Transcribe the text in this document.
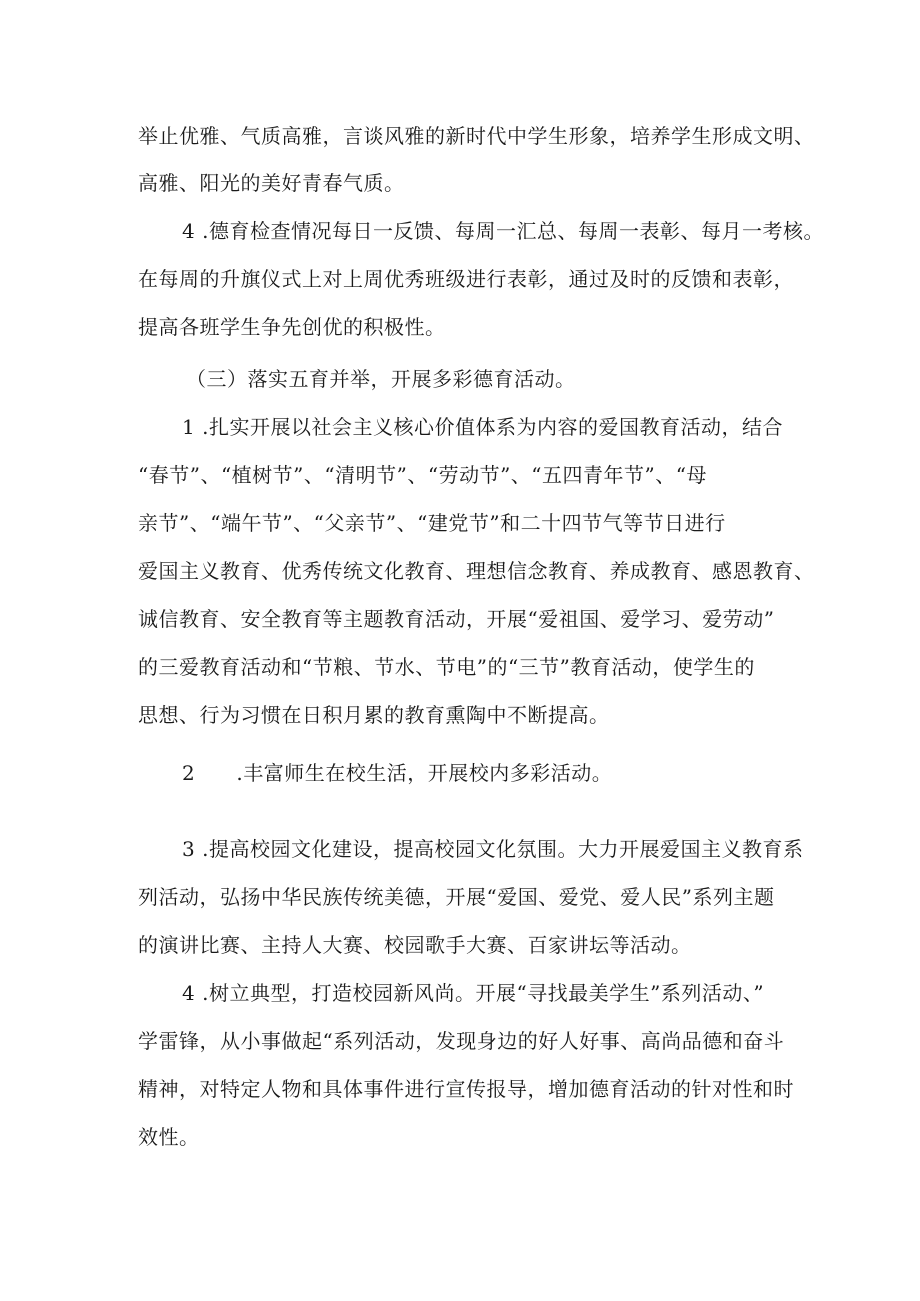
举止优雅、气质高雅，言谈风雅的新时代中学生形象，培养学生形成文明、
高雅、阳光的美好青春气质。
4 .德育检查情况每日一反馈、每周一汇总、每周一表彰、每月一考核。
在每周的升旗仪式上对上周优秀班级进行表彰，通过及时的反馈和表彰，
提高各班学生争先创优的积极性。
（三）落实五育并举，开展多彩德育活动。
1 .扎实开展以社会主义核心价值体系为内容的爱国教育活动，结合
“春节”、“植树节”、“清明节”、“劳动节”、“五四青年节”、“母
亲节”、“端午节”、“父亲节”、“建党节”和二十四节气等节日进行
爱国主义教育、优秀传统文化教育、理想信念教育、养成教育、感恩教育、
诚信教育、安全教育等主题教育活动，开展“爱祖国、爱学习、爱劳动”
的三爱教育活动和“节粮、节水、节电”的“三节”教育活动，使学生的
思想、行为习惯在日积月累的教育熏陶中不断提高。
2      .丰富师生在校生活，开展校内多彩活动。
3 .提高校园文化建设，提高校园文化氛围。大力开展爱国主义教育系
列活动，弘扬中华民族传统美德，开展“爱国、爱党、爱人民”系列主题
的演讲比赛、主持人大赛、校园歌手大赛、百家讲坛等活动。
4 .树立典型，打造校园新风尚。开展“寻找最美学生”系列活动、”
学雷锋，从小事做起“系列活动，发现身边的好人好事、高尚品德和奋斗
精神，对特定人物和具体事件进行宣传报导，增加德育活动的针对性和时
效性。
